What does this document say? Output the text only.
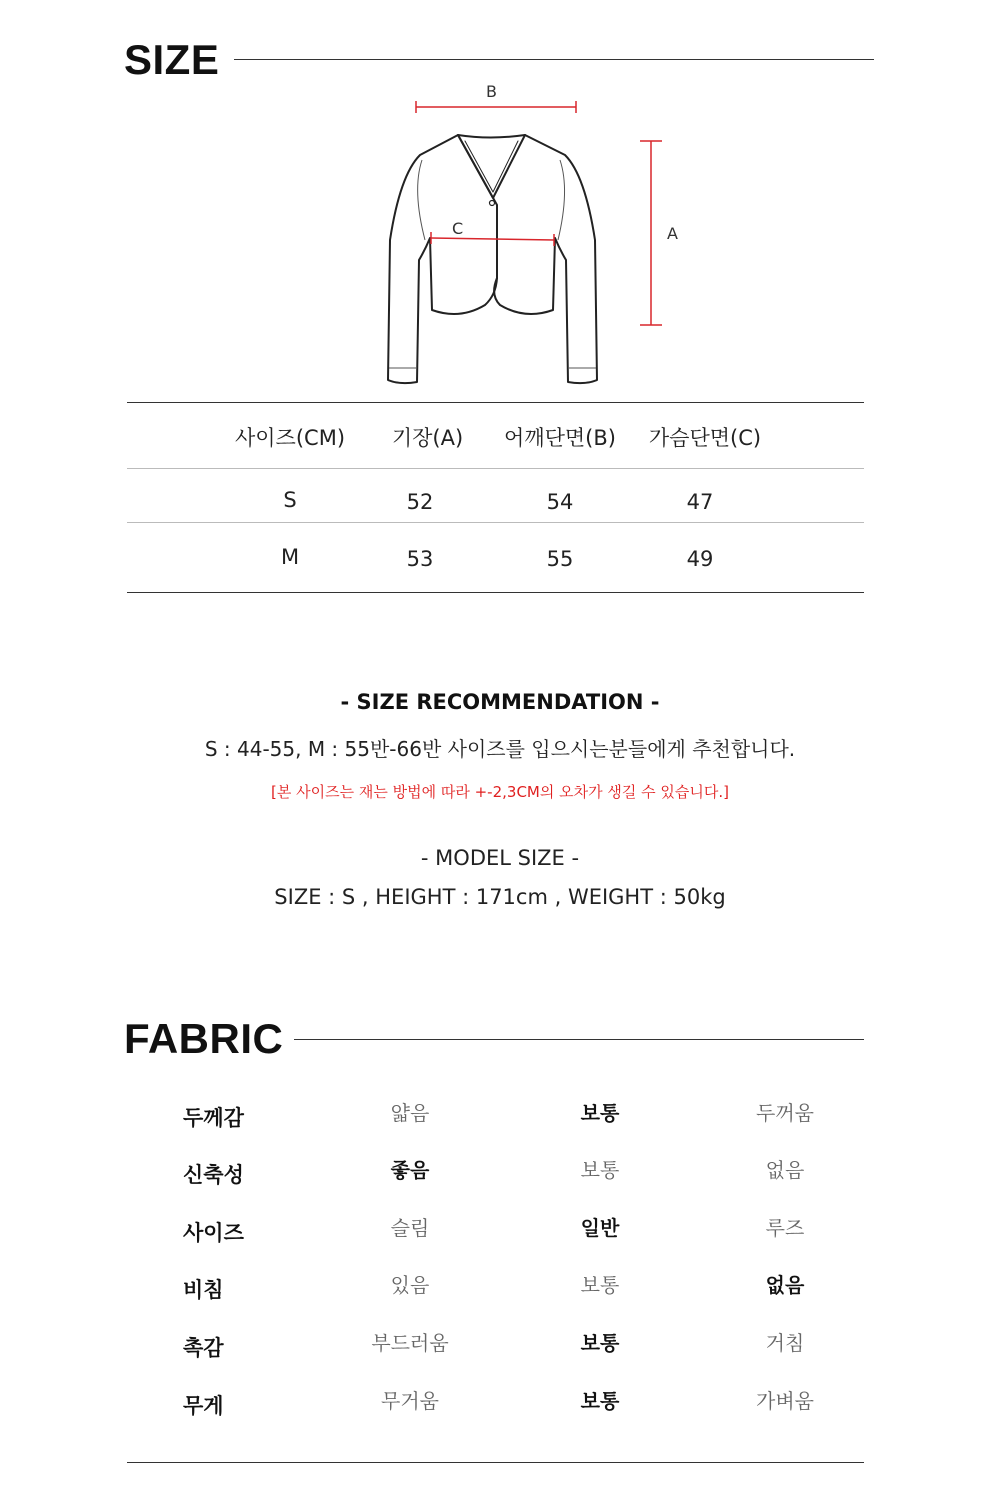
SIZE
B
C	A
사이즈(CM)	기장(A)	어깨단면(B)	가슴단면(C)
S	52	54	47
M	53	55	49
- SIZE RECOMMENDATION -
S : 44-55, M : 55반-66반 사이즈를 입으시는분들에게 추천합니다.
[본 사이즈는 재는 방법에 따라 +-2,3CM의 오차가 생길 수 있습니다.]
- MODEL SIZE -
SIZE : S , HEIGHT : 171cm , WEIGHT : 50kg
FABRIC
두께감	얇음	보통	두꺼움
신축성	좋음	보통	없음
사이즈	슬림	일반	루즈
비침	있음	보통	없음
촉감	부드러움	보통	거침
무게	무거움	보통	가벼움
